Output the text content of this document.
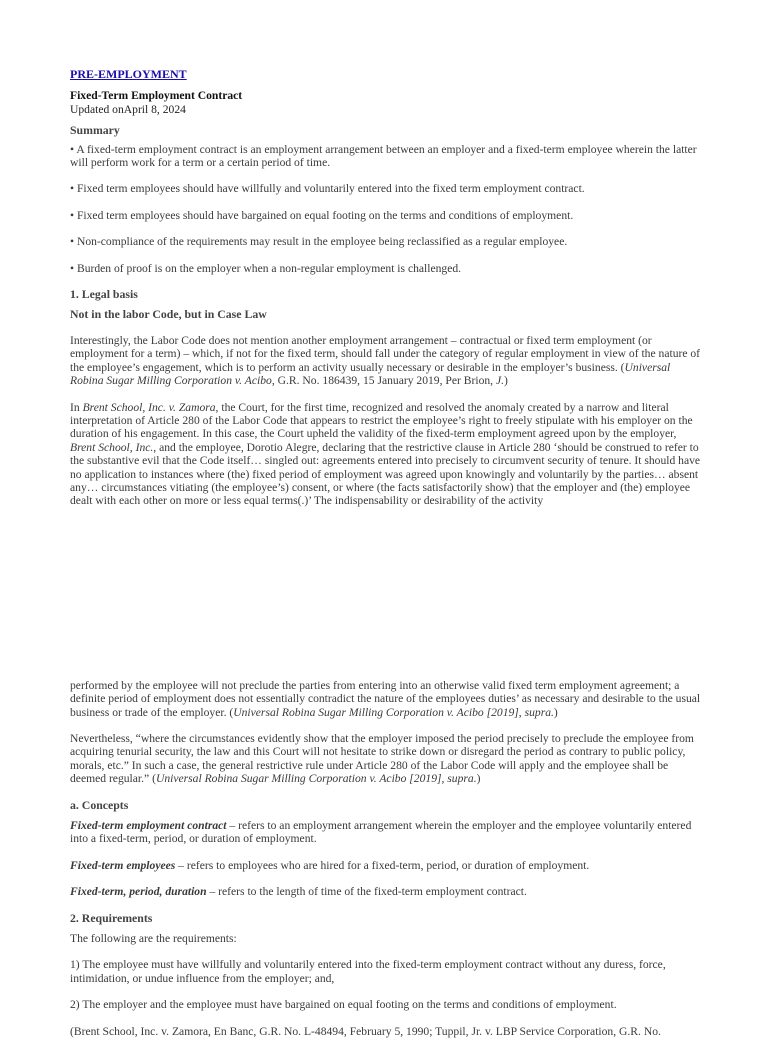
PRE-EMPLOYMENT
Fixed-Term Employment Contract
Updated onApril 8, 2024
Summary

• A fixed-term employment contract is an employment arrangement between an employer and a fixed-term employee wherein the latter will perform work for a term or a certain period of time.

• Fixed term employees should have willfully and voluntarily entered into the fixed term employment contract.

• Fixed term employees should have bargained on equal footing on the terms and conditions of employment.

• Non-compliance of the requirements may result in the employee being reclassified as a regular employee.

• Burden of proof is on the employer when a non-regular employment is challenged.

1. Legal basis
Not in the labor Code, but in Case Law

Interestingly, the Labor Code does not mention another employment arrangement – contractual or fixed term employment (or employment for a term) – which, if not for the fixed term, should fall under the category of regular employment in view of the nature of the employee’s engagement, which is to perform an activity usually necessary or desirable in the employer’s business. (Universal Robina Sugar Milling Corporation v. Acibo, G.R. No. 186439, 15 January 2019, Per Brion, J.)

In Brent School, Inc. v. Zamora, the Court, for the first time, recognized and resolved the anomaly created by a narrow and literal interpretation of Article 280 of the Labor Code that appears to restrict the employee’s right to freely stipulate with his employer on the duration of his engagement. In this case, the Court upheld the validity of the fixed-term employment agreed upon by the employer, Brent School, Inc., and the employee, Dorotio Alegre, declaring that the restrictive clause in Article 280 ‘should be construed to refer to the substantive evil that the Code itself… singled out: agreements entered into precisely to circumvent security of tenure. It should have no application to instances where (the) fixed period of employment was agreed upon knowingly and voluntarily by the parties… absent any… circumstances vitiating (the employee’s) consent, or where (the facts satisfactorily show) that the employer and (the) employee dealt with each other on more or less equal terms(.)’ The indispensability or desirability of the activity

performed by the employee will not preclude the parties from entering into an otherwise valid fixed term employment agreement; a definite period of employment does not essentially contradict the nature of the employees duties’ as necessary and desirable to the usual business or trade of the employer. (Universal Robina Sugar Milling Corporation v. Acibo [2019], supra.)

Nevertheless, “where the circumstances evidently show that the employer imposed the period precisely to preclude the employee from acquiring tenurial security, the law and this Court will not hesitate to strike down or disregard the period as contrary to public policy, morals, etc.” In such a case, the general restrictive rule under Article 280 of the Labor Code will apply and the employee shall be deemed regular.” (Universal Robina Sugar Milling Corporation v. Acibo [2019], supra.)

a. Concepts

Fixed-term employment contract – refers to an employment arrangement wherein the employer and the employee voluntarily entered into a fixed-term, period, or duration of employment.

Fixed-term employees – refers to employees who are hired for a fixed-term, period, or duration of employment.

Fixed-term, period, duration – refers to the length of time of the fixed-term employment contract.

2. Requirements

The following are the requirements:

1) The employee must have willfully and voluntarily entered into the fixed-term employment contract without any duress, force, intimidation, or undue influence from the employer; and,

2) The employer and the employee must have bargained on equal footing on the terms and conditions of employment.

(Brent School, Inc. v. Zamora, En Banc, G.R. No. L-48494, February 5, 1990; Tuppil, Jr. v. LBP Service Corporation, G.R. No.
